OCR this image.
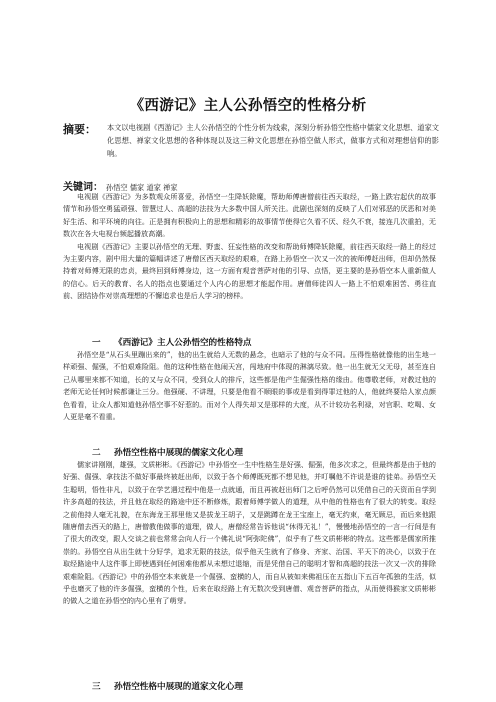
《西游记》主人公孙悟空的性格分析
摘要： 本文以电视剧《西游记》主人公孙悟空的个性分析为线索，深刻分析孙悟空性格中儒家文化思想、道家文化思想、禅家文化思想的各种体现以及这三种文化思想在孙悟空做人形式，做事方式和对理想信仰的影响。
关键词： 孙悟空 儒家 道家 禅家

电视剧《西游记》为多数观众所喜爱，孙悟空一生降妖除魔，帮助师傅唐僧前往西天取经，一路上跌宕起伏的故事情节和孙悟空勇猛顽强、智慧过人、高超的法技为大多数中国人所关注。此剧也深刻的反映了人们对邪恶的厌恶和对美好生活、和平环境的向往。正是拥有积极向上的思想和精彩的故事情节使得它久看不厌、经久不衰，接连几次重拍，无数次在各大电视台频起播放高潮。

电视剧《西游记》主要以孙悟空的无理、野蛮、狂妄性格的改变和帮助师傅降妖除魔，前往西天取经一路上的经过为主要内容，剧中用大量的篇幅讲述了唐僧区西天取经的艰难，在路上孙悟空一次又一次的被师傅赶出师，但却仍然保持着对师傅无限的忠贞，最终回到师傅身边，这一方面有观音菩萨对他的引导、点悟，更主要的是孙悟空本人重新做人的信心。后天的教育、名人的指点也要通过个人内心的思想才能起作用。唐僧师徒四人一路上不怕艰难困苦、勇往直前、团结协作对崇高理想的不懈追求也是后人学习的榜样。

一 《西游记》主人公孙悟空的性格特点

孙悟空是“从石头里蹦出来的”，他的出生就给人无数的悬念，也暗示了他的与众不同。压得性格就像他的出生地一样顽强、倔强，不怕艰难险阻。他的这种性格在他闹天宫，闯地府中体现的淋漓尽致。他一出生就无父无母，甚至连自己从哪里来都不知道，长的又与众不同，受到众人的排斥，这些都是他产生倔强性格的缘由。他尊敬老师，对教过他的老师无论任何时候都谦让三分。他强硬、不讲理，只要是他看不顺眼的事或是看到得罪过他的人，他就终要给人家点颜色看看，让众人都知道他孙悟空事不好惹的。而对个人得失却又是那样的大度，从不计较功名利禄，对官职、吃喝、女人更是毫不看重。

二 孙悟空性格中展现的儒家文化心理

儒家讲刚刚，雄强，文质彬彬。《西游记》中孙悟空一生中性格生是好强、倔强，他多次求之，但最终都是由于他的好强、倔强、拿技法不做好事最终被赶出师，以致于各个师傅既死都不想见他，并叮嘱他不许说是谁的徒弟。孙悟空天生聪明，悟性非凡，以致于在学艺遇过程中他是一点就通，而且再被赶出师门之后呼仍然可以凭借自己的天资而自学到许多高超的技法，并且他在取经的路途中还不断修炼，跟着师傅学做人的道理，从中他的性格也有了很大的转变。取经之前他持人毫无礼貌，在东海龙王那里他又是拔龙王胡子，又是跳蹲在龙王宝座上，毫无约束，毫无顾忌，而后来他跟随唐僧去西天的路上，唐僧教他做事的道理，做人，唐僧经常告诉他说“休得无礼！”，慢慢地孙悟空的一言一行间是有了很大的改变，跟人交谈之前也常常会向人行一个佛礼说“阿弥陀佛”，似乎有了些文质彬彬的特点。这些都是儒家所推崇的。孙悟空自从出生就十分好学，追求无限的技法，似乎他天生就有了修身、齐家、治国、平天下的决心，以致于在取经路途中人这件事上即使遇到任何困难他都从未想过退缩，而是凭借自己的聪明才智和高超的技法一次又一次的排除艰难险阻。《西游记》中的孙悟空本来就是一个倔强、蛮横的人，而自从被如来佛祖压在五指山下五百年孤独的生活，似乎也磨灭了他的许多倔强，蛮横的个性，后来在取经路上有无数次受到唐僧、观音菩萨的指点，从而使得猴家文质彬彬的做人之道在孙悟空的内心里有了萌芽。

三 孙悟空性格中展现的道家文化心理
